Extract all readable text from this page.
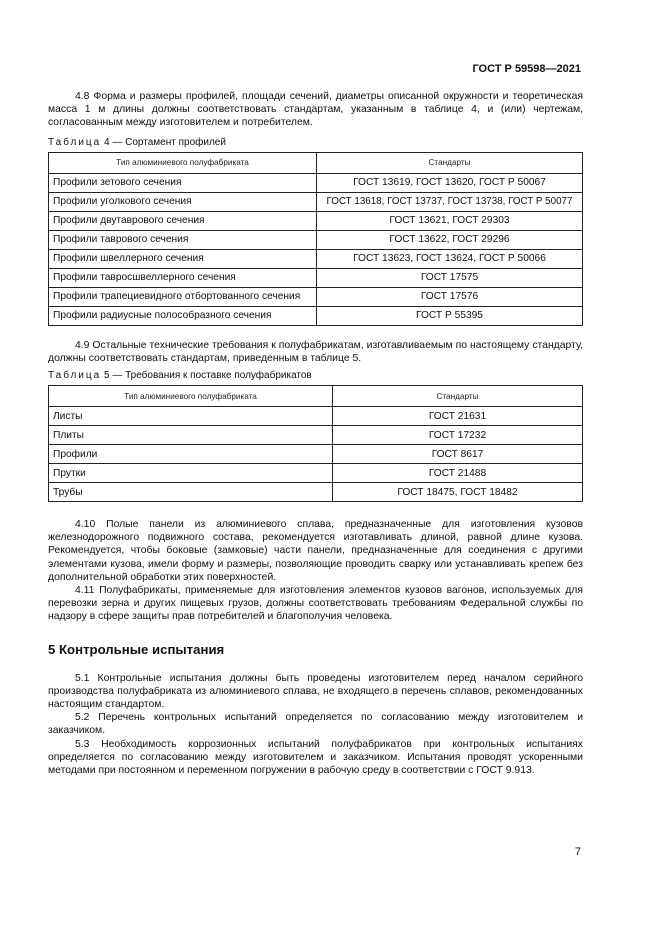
ГОСТ Р 59598—2021

4.8 Форма и размеры профилей, площади сечений, диаметры описанной окружности и теоретическая масса 1 м длины должны соответствовать стандартам, указанным в таблице 4, и (или) чертежам, согласованным между изготовителем и потребителем.

Таблица 4 — Сортамент профилей
Тип алюминиевого полуфабриката	Стандарты
Профили зетового сечения	ГОСТ 13619, ГОСТ 13620, ГОСТ Р 50067
Профили уголкового сечения	ГОСТ 13618, ГОСТ 13737, ГОСТ 13738, ГОСТ Р 50077
Профили двутаврового сечения	ГОСТ 13621, ГОСТ 29303
Профили таврового сечения	ГОСТ 13622, ГОСТ 29296
Профили швеллерного сечения	ГОСТ 13623, ГОСТ 13624, ГОСТ Р 50066
Профили тавросшвеллерного сечения	ГОСТ 17575
Профили трапециевидного отбортованного сечения	ГОСТ 17576
Профили радиусные полособразного сечения	ГОСТ Р 55395

4.9 Остальные технические требования к полуфабрикатам, изготавливаемым по настоящему стандарту, должны соответствовать стандартам, приведенным в таблице 5.

Таблица 5 — Требования к поставке полуфабрикатов
Тип алюминиевого полуфабриката	Стандарты
Листы	ГОСТ 21631
Плиты	ГОСТ 17232
Профили	ГОСТ 8617
Прутки	ГОСТ 21488
Трубы	ГОСТ 18475, ГОСТ 18482

4.10 Полые панели из алюминиевого сплава, предназначенные для изготовления кузовов железнодорожного подвижного состава, рекомендуется изготавливать длиной, равной длине кузова. Рекомендуется, чтобы боковые (замковые) части панели, предназначенные для соединения с другими элементами кузова, имели форму и размеры, позволяющие проводить сварку или устанавливать крепеж без дополнительной обработки этих поверхностей.

4.11 Полуфабрикаты, применяемые для изготовления элементов кузовов вагонов, используемых для перевозки зерна и других пищевых грузов, должны соответствовать требованиям Федеральной службы по надзору в сфере защиты прав потребителей и благополучия человека.

5 Контрольные испытания

5.1 Контрольные испытания должны быть проведены изготовителем перед началом серийного производства полуфабриката из алюминиевого сплава, не входящего в перечень сплавов, рекомендованных настоящим стандартом.

5.2 Перечень контрольных испытаний определяется по согласованию между изготовителем и заказчиком.

5.3 Необходимость коррозионных испытаний полуфабрикатов при контрольных испытаниях определяется по согласованию между изготовителем и заказчиком. Испытания проводят ускоренными методами при постоянном и переменном погружении в рабочую среду в соответствии с ГОСТ 9.913.

7
